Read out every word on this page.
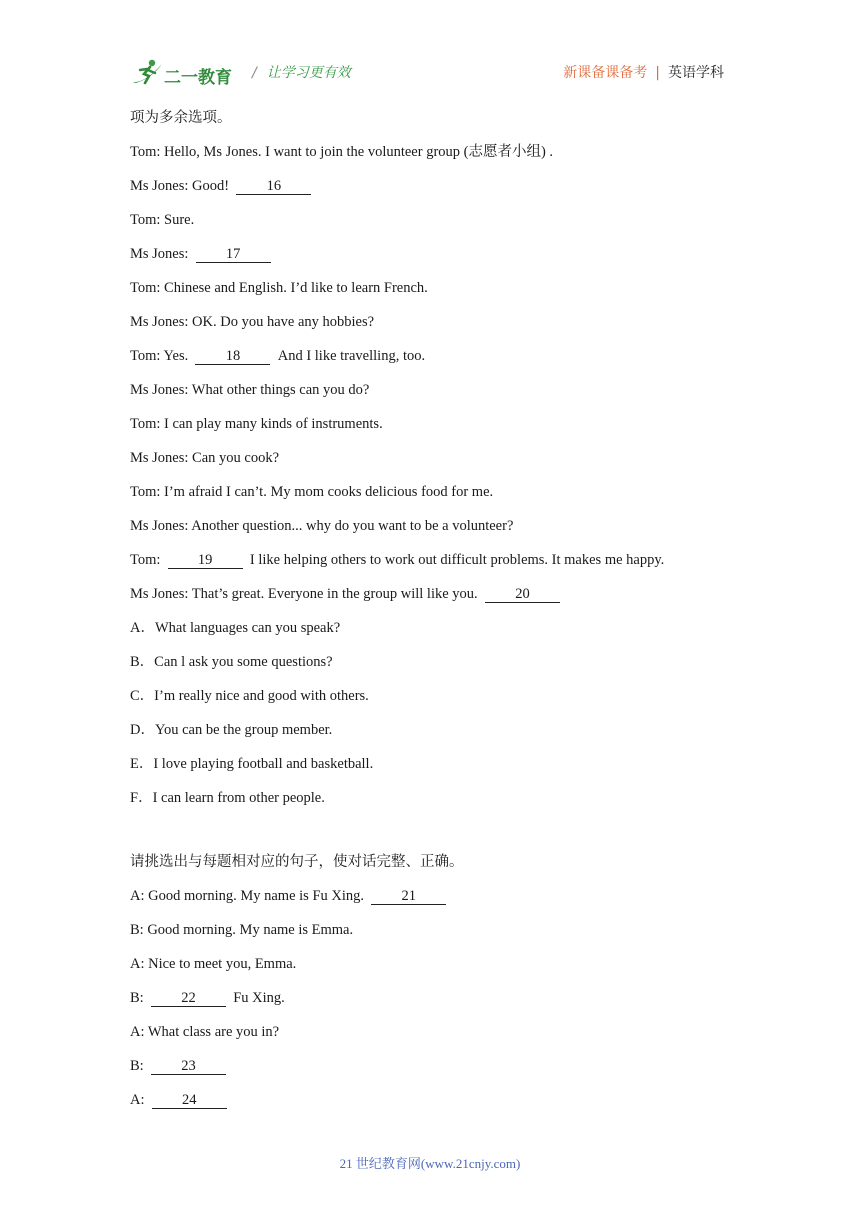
二一教育 / 让学习更有效	新课备课备考 | 英语学科
项为多余选项。
Tom: Hello, Ms Jones. I want to join the volunteer group (志愿者小组) .
Ms Jones: Good!	16
Tom: Sure.
Ms Jones:	17
Tom: Chinese and English. I’d like to learn French.
Ms Jones: OK. Do you have any hobbies?
Tom: Yes.	18	And I like travelling, too.
Ms Jones: What other things can you do?
Tom: I can play many kinds of instruments.
Ms Jones: Can you cook?
Tom: I’m afraid I can’t. My mom cooks delicious food for me.
Ms Jones: Another question... why do you want to be a volunteer?
Tom:	19	I like helping others to work out difficult problems. It makes me happy.
Ms Jones: That’s great. Everyone in the group will like you.	20
A．What languages can you speak?
B．Can l ask you some questions?
C．I’m really nice and good with others.
D．You can be the group member.
E．I love playing football and basketball.
F．I can learn from other people.
请挑选出与每题相对应的句子，使对话完整、正确。
A: Good morning. My name is Fu Xing.	21
B: Good morning. My name is Emma.
A: Nice to meet you, Emma.
B:	22	Fu Xing.
A: What class are you in?
B:	23
A:	24
21 世纪教育网(www.21cnjy.com)
